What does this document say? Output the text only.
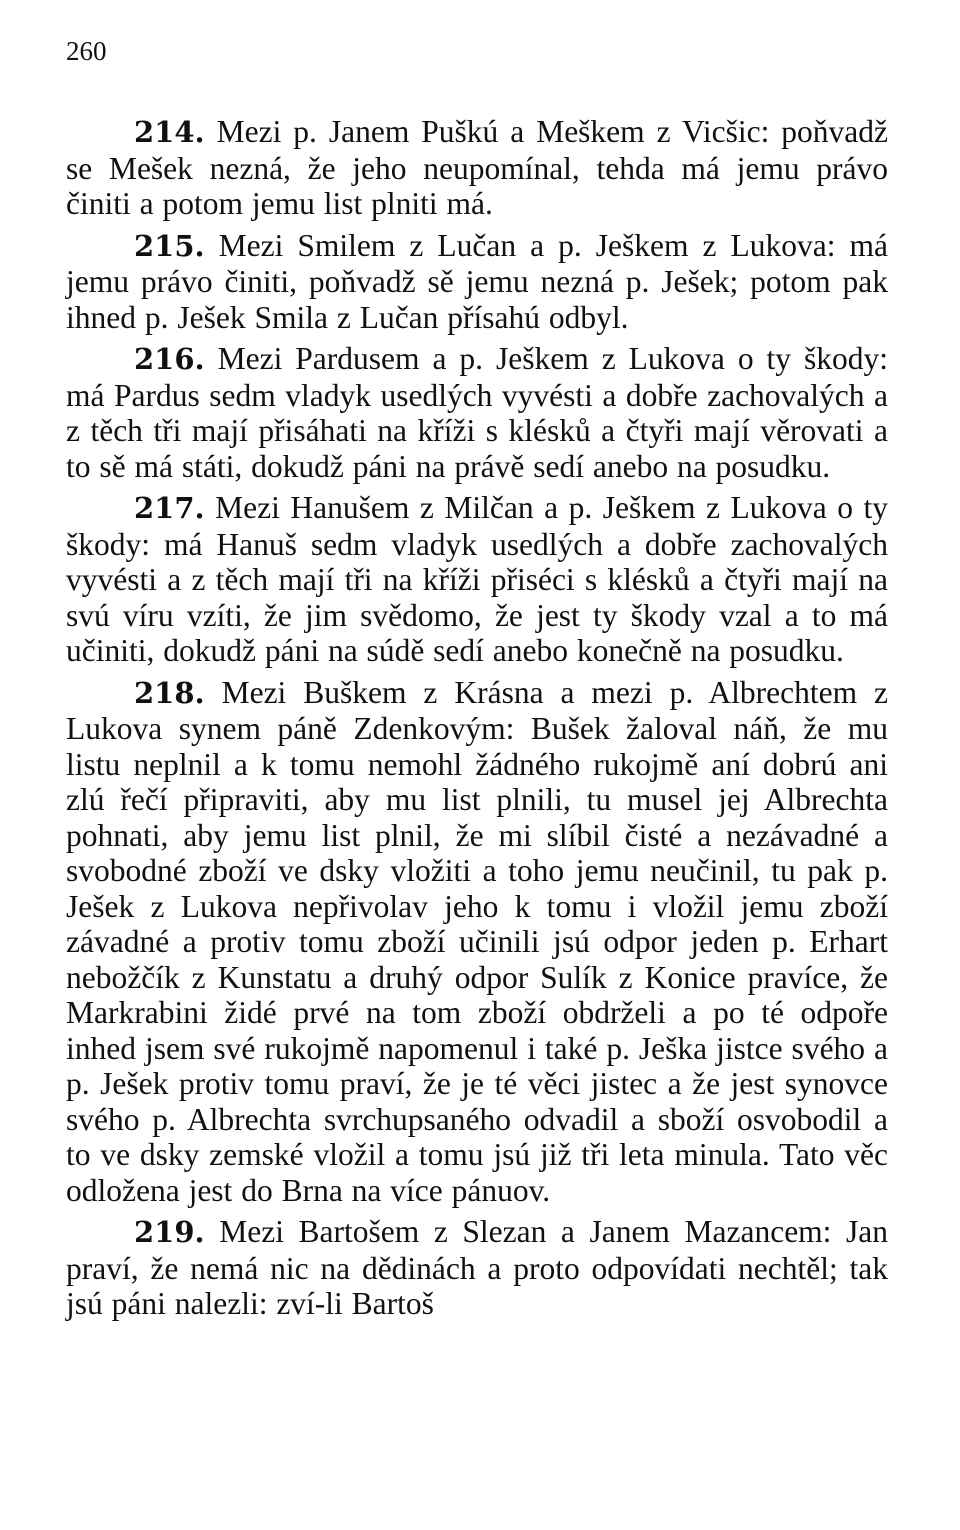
260

214. Mezi p. Janem Puškú a Meškem z Vicšic: poňvadž se Mešek nezná, že jeho neupomínal, tehda má jemu právo činiti a potom jemu list plniti má.

215. Mezi Smilem z Lučan a p. Ješkem z Lukova: má jemu právo činiti, poňvadž sě jemu nezná p. Ješek; potom pak ihned p. Ješek Smila z Lučan přísahú odbyl.

216. Mezi Pardusem a p. Ješkem z Lukova o ty škody: má Pardus sedm vladyk usedlých vyvésti a dobře zachovalých a z těch tři mají přisáhati na kříži s klésků a čtyři mají věrovati a to sě má státi, dokudž páni na právě sedí anebo na posudku.

217. Mezi Hanušem z Milčan a p. Ješkem z Lukova o ty škody: má Hanuš sedm vladyk usedlých a dobře zachovalých vyvésti a z těch mají tři na kříži přiséci s klésků a čtyři mají na svú víru vzíti, že jim svědomo, že jest ty škody vzal a to má učiniti, dokudž páni na súdě sedí anebo konečně na posudku.

218. Mezi Buškem z Krásna a mezi p. Albrechtem z Lukova synem páně Zdenkovým: Bušek žaloval náň, že mu listu neplnil a k tomu nemohl žádného rukojmě aní dobrú ani zlú řečí připraviti, aby mu list plnili, tu musel jej Albrechta pohnati, aby jemu list plnil, že mi slíbil čisté a nezávadné a svobodné zboží ve dsky vložiti a toho jemu neučinil, tu pak p. Ješek z Lukova nepřivolav jeho k tomu i vložil jemu zboží závadné a protiv tomu zboží učinili jsú odpor jeden p. Erhart nebožčík z Kunstatu a druhý odpor Sulík z Konice pravíce, že Markrabini židé prvé na tom zboží obdrželi a po té odpoře inhed jsem své rukojmě napomenul i také p. Ješka jistce svého a p. Ješek protiv tomu praví, že je té věci jistec a že jest synovce svého p. Albrechta svrchupsaného odvadil a sboží osvobodil a to ve dsky zemské vložil a tomu jsú již tři leta minula. Tato věc odložena jest do Brna na více pánuov.

219. Mezi Bartošem z Slezan a Janem Mazancem: Jan praví, že nemá nic na dědinách a proto odpovídati nechtěl; tak jsú páni nalezli: zví-li Bartoš
